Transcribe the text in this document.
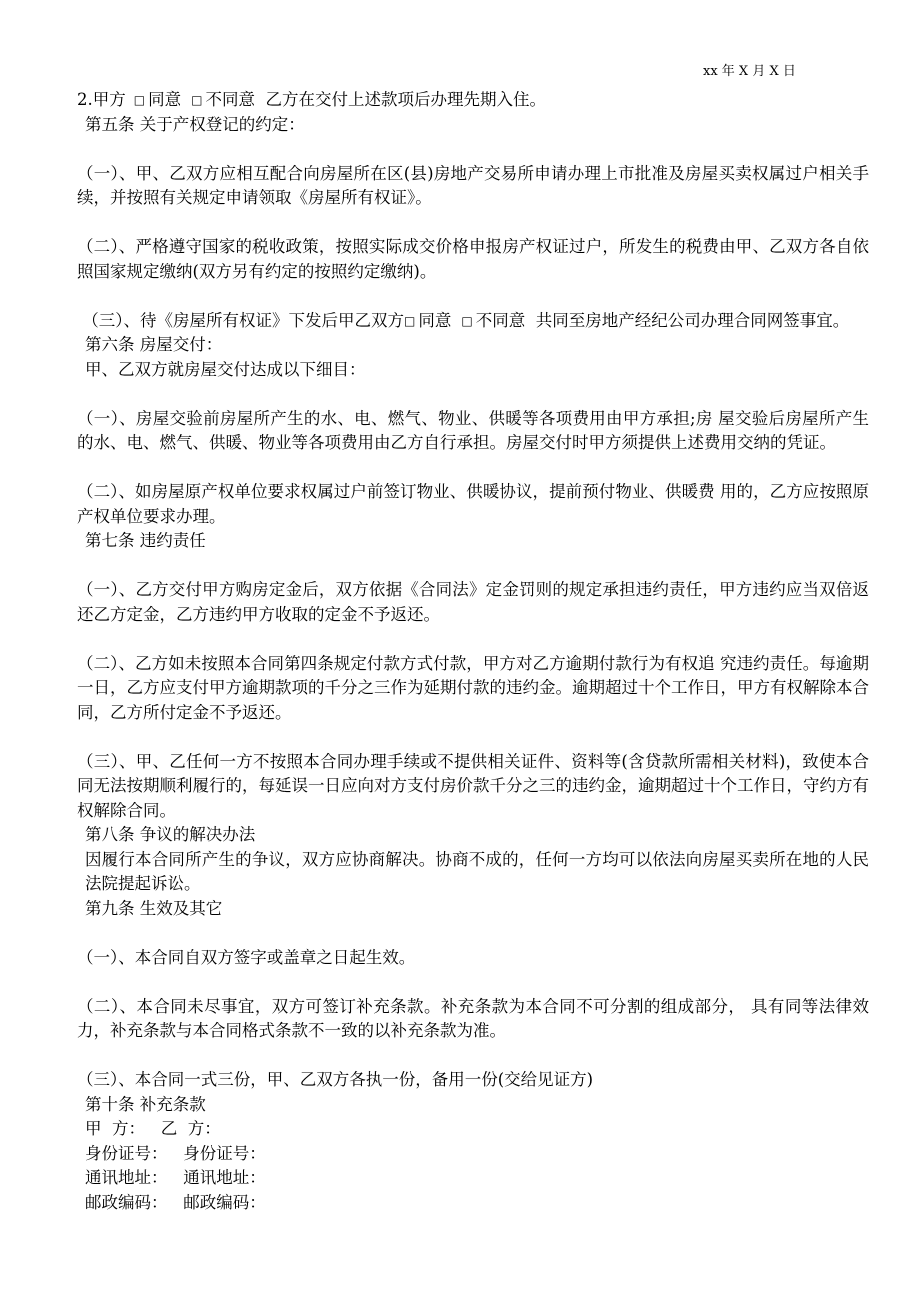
xx 年 X 月 X 日

2.甲方 □ 同意 □ 不同意 乙方在交付上述款项后办理先期入住。

第五条 关于产权登记的约定：

（一）、甲、乙双方应相互配合向房屋所在区(县)房地产交易所申请办理上市批准及房屋买卖权属过户相关手续，并按照有关规定申请领取《房屋所有权证》。

（二）、严格遵守国家的税收政策，按照实际成交价格申报房产权证过户，所发生的税费由甲、乙双方各自依照国家规定缴纳(双方另有约定的按照约定缴纳)。

（三）、待《房屋所有权证》下发后甲乙双方□ 同意 □ 不同意 共同至房地产经纪公司办理合同网签事宜。

第六条 房屋交付：

甲、乙双方就房屋交付达成以下细目：

（一）、房屋交验前房屋所产生的水、电、燃气、物业、供暖等各项费用由甲方承担;房 屋交验后房屋所产生的水、电、燃气、供暖、物业等各项费用由乙方自行承担。房屋交付时甲方须提供上述费用交纳的凭证。

（二）、如房屋原产权单位要求权属过户前签订物业、供暖协议，提前预付物业、供暖费 用的，乙方应按照原产权单位要求办理。

第七条 违约责任

（一）、乙方交付甲方购房定金后，双方依据《合同法》定金罚则的规定承担违约责任，甲方违约应当双倍返还乙方定金，乙方违约甲方收取的定金不予返还。

（二）、乙方如未按照本合同第四条规定付款方式付款，甲方对乙方逾期付款行为有权追 究违约责任。每逾期一日，乙方应支付甲方逾期款项的千分之三作为延期付款的违约金。逾期超过十个工作日，甲方有权解除本合同，乙方所付定金不予返还。

（三）、甲、乙任何一方不按照本合同办理手续或不提供相关证件、资料等(含贷款所需相关材料)，致使本合同无法按期顺利履行的，每延误一日应向对方支付房价款千分之三的违约金，逾期超过十个工作日，守约方有权解除合同。

第八条 争议的解决办法

因履行本合同所产生的争议，双方应协商解决。协商不成的，任何一方均可以依法向房屋买卖所在地的人民法院提起诉讼。

第九条 生效及其它

（一）、本合同自双方签字或盖章之日起生效。

（二）、本合同未尽事宜，双方可签订补充条款。补充条款为本合同不可分割的组成部分， 具有同等法律效力，补充条款与本合同格式条款不一致的以补充条款为准。

（三）、本合同一式三份，甲、乙双方各执一份，备用一份(交给见证方)

第十条 补充条款

甲  方：   乙  方：

身份证号：   身份证号：

通讯地址：   通讯地址：

邮政编码：   邮政编码：
